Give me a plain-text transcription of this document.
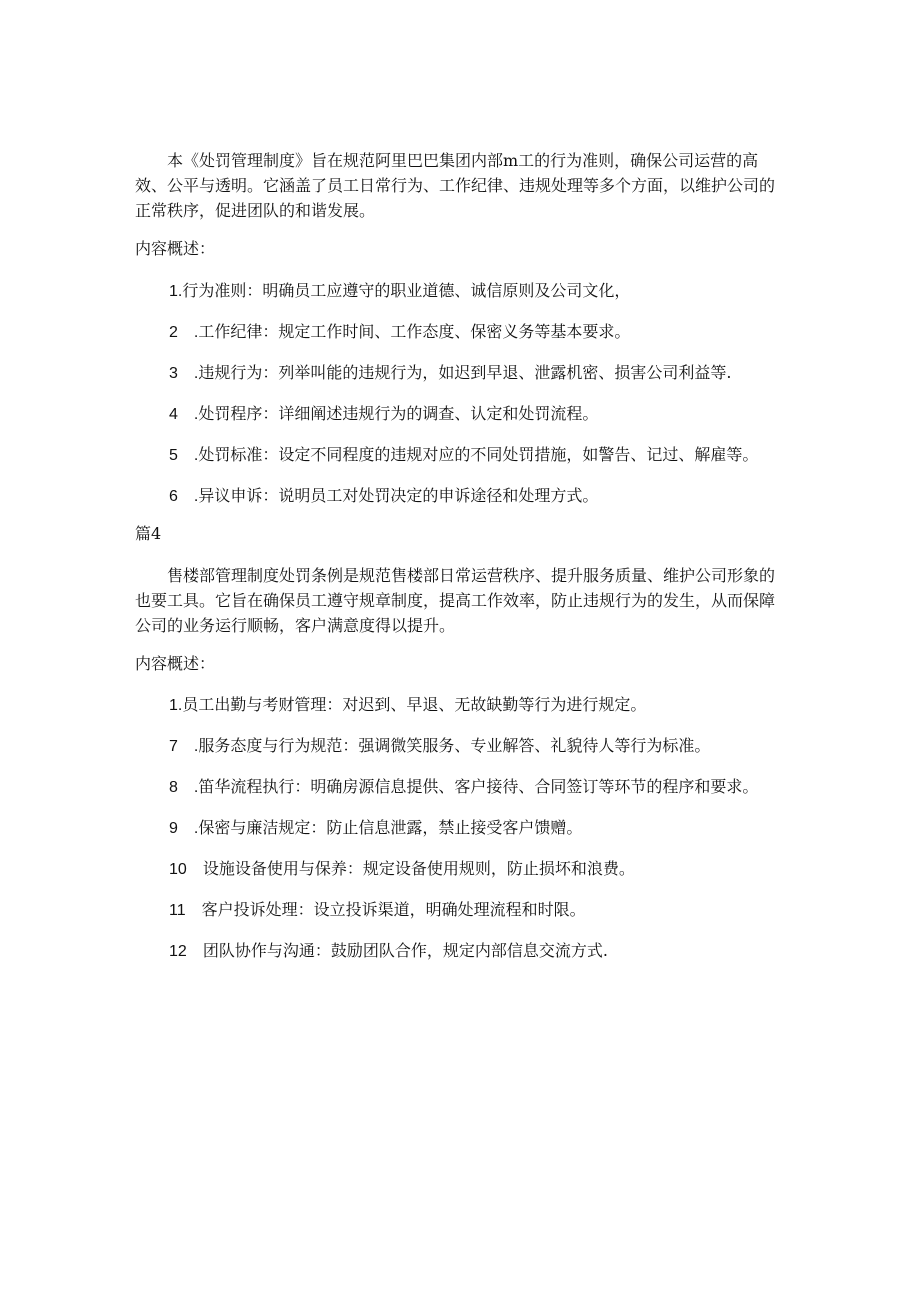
本《处罚管理制度》旨在规范阿里巴巴集团内部m工的行为准则，确保公司运营的高效、公平与透明。它涵盖了员工日常行为、工作纪律、违规处理等多个方面，以维护公司的正常秩序，促进团队的和谐发展。

内容概述：

1.行为准则：明确员工应遵守的职业道德、诚信原则及公司文化，
2　.工作纪律：规定工作时间、工作态度、保密义务等基本要求。
3　.违规行为：列举叫能的违规行为，如迟到早退、泄露机密、损害公司利益等.
4　.处罚程序：详细阐述违规行为的调查、认定和处罚流程。
5　.处罚标准：设定不同程度的违规对应的不同处罚措施，如警告、记过、解雇等。
6　.异议申诉：说明员工对处罚决定的申诉途径和处理方式。

篇4

售楼部管理制度处罚条例是规范售楼部日常运营秩序、提升服务质量、维护公司形象的也要工具。它旨在确保员工遵守规章制度，提高工作效率，防止违规行为的发生，从而保障公司的业务运行顺畅，客户满意度得以提升。

内容概述：

1.员工出勤与考财管理：对迟到、早退、无故缺勤等行为进行规定。
7　.服务态度与行为规范：强调微笑服务、专业解答、礼貌待人等行为标准。
8　.笛华流程执行：明确房源信息提供、客户接待、合同签订等环节的程序和要求。
9　.保密与廉洁规定：防止信息泄露，禁止接受客户馈赠。
10　设施设备使用与保养：规定设备使用规则，防止损坏和浪费。
11　客户投诉处理：设立投诉渠道，明确处理流程和时限。
12　团队协作与沟通：鼓励团队合作，规定内部信息交流方式.
